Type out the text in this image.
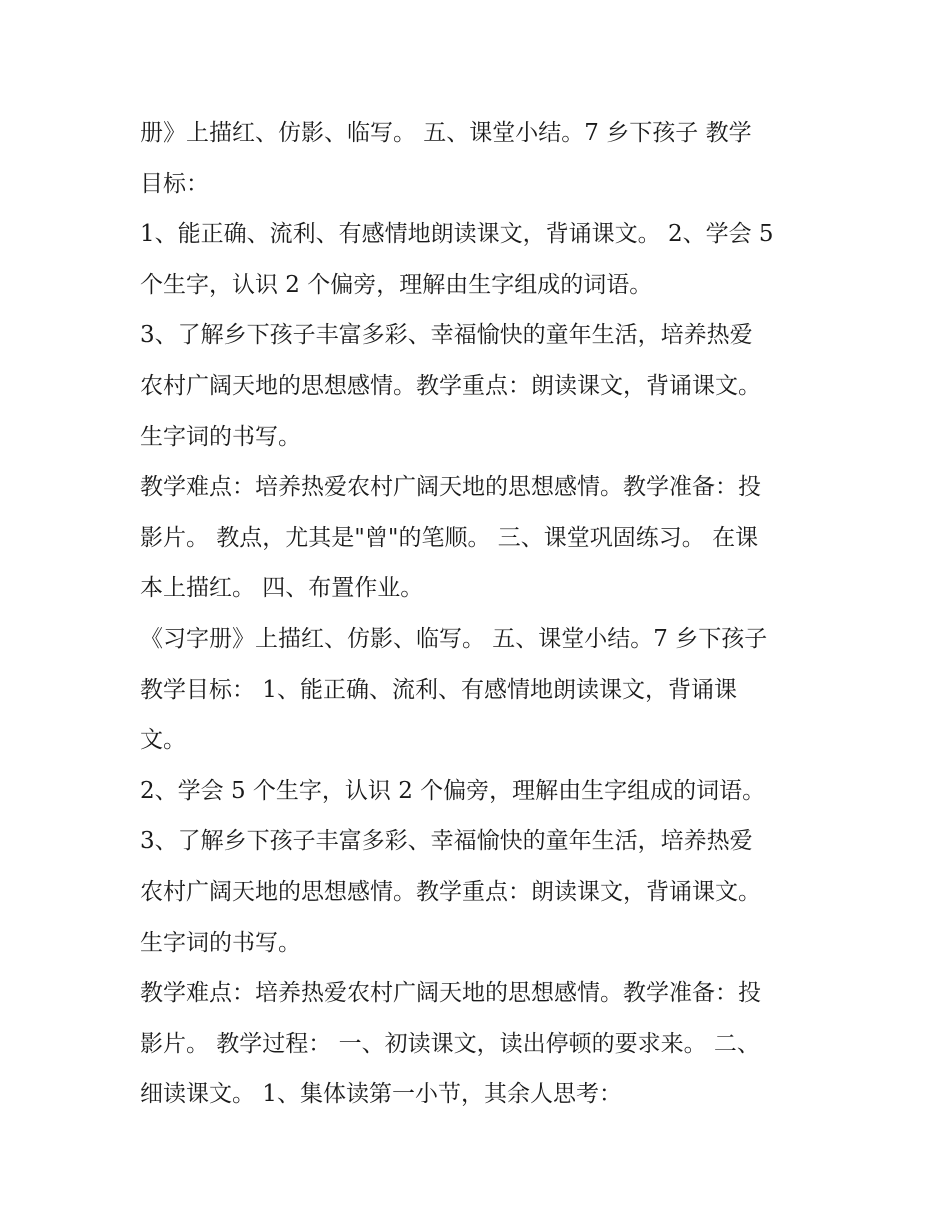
册》上描红、仿影、临写。 五、课堂小结。7 乡下孩子 教学
目标：

1、能正确、流利、有感情地朗读课文，背诵课文。 2、学会 5
个生字，认识 2 个偏旁，理解由生字组成的词语。

3、了解乡下孩子丰富多彩、幸福愉快的童年生活，培养热爱
农村广阔天地的思想感情。教学重点：朗读课文，背诵课文。
生字词的书写。

教学难点：培养热爱农村广阔天地的思想感情。教学准备：投
影片。 教点，尤其是"曾"的笔顺。 三、课堂巩固练习。 在课
本上描红。 四、布置作业。

《习字册》上描红、仿影、临写。 五、课堂小结。7 乡下孩子
教学目标： 1、能正确、流利、有感情地朗读课文，背诵课
文。

2、学会 5 个生字，认识 2 个偏旁，理解由生字组成的词语。

3、了解乡下孩子丰富多彩、幸福愉快的童年生活，培养热爱
农村广阔天地的思想感情。教学重点：朗读课文，背诵课文。
生字词的书写。

教学难点：培养热爱农村广阔天地的思想感情。教学准备：投
影片。 教学过程： 一、初读课文，读出停顿的要求来。 二、
细读课文。 1、集体读第一小节，其余人思考：
